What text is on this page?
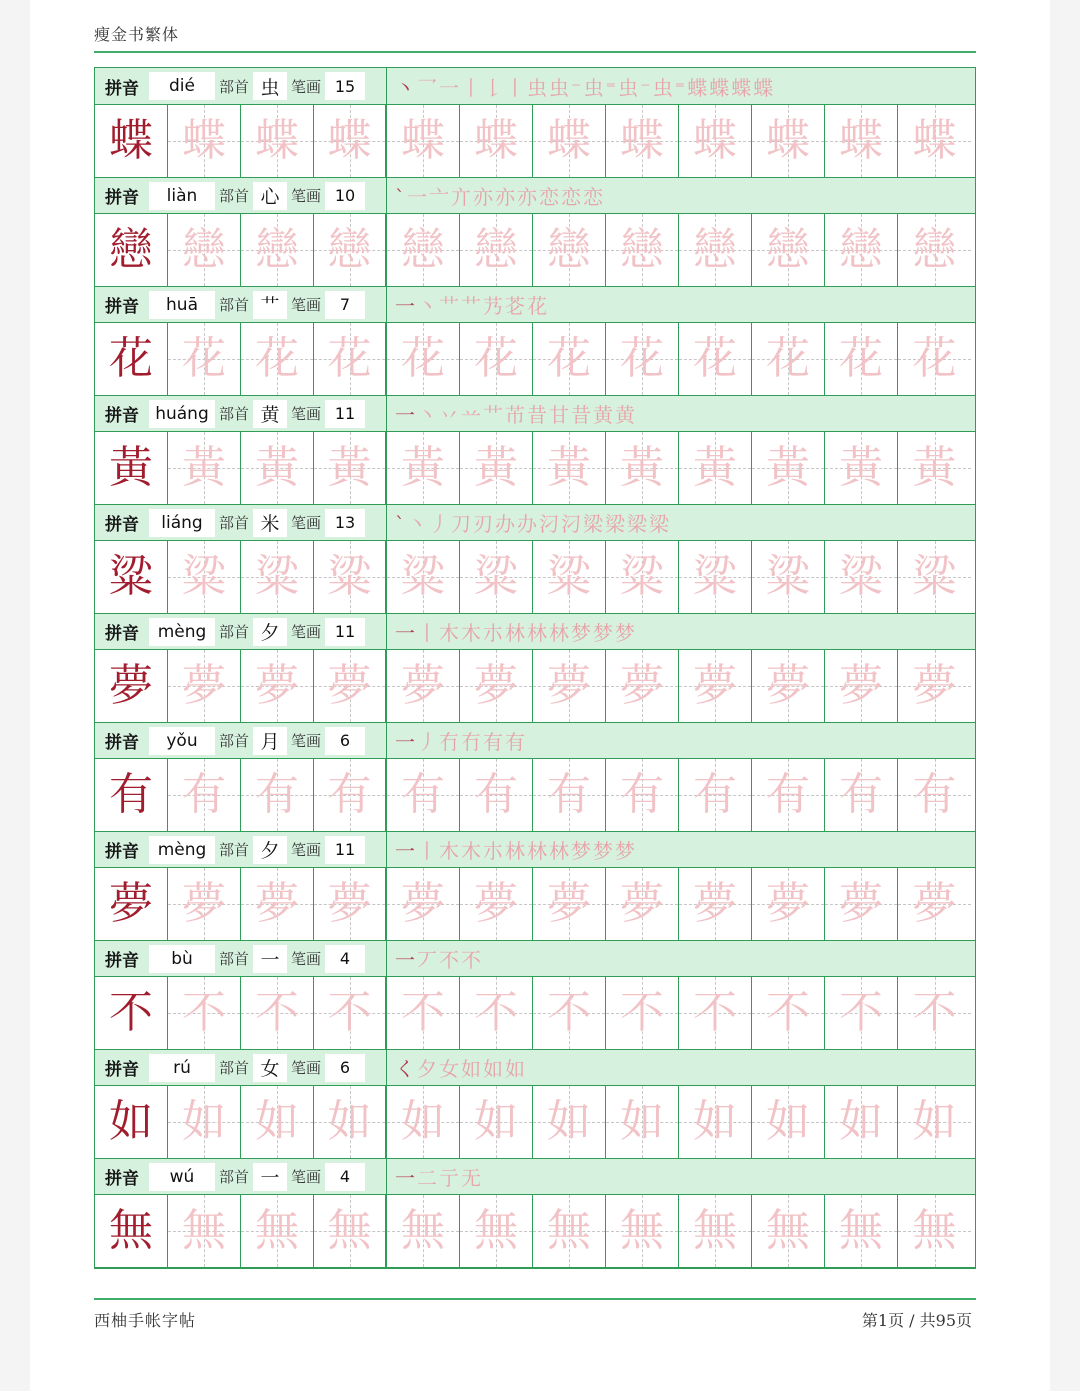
瘦金书繁体
拼音	dié	部首 虫 笔画 15	丶乛一丨𠄌丨虫虫⁻虫⁼虫⁻虫⁼蝶蝶蝶蝶
蝶 蝶 蝶 蝶 蝶 蝶 蝶 蝶 蝶 蝶 蝶 蝶
拼音	liàn	部首 心 笔画 10	`一亠亣亦亦亦恋恋恋
戀 戀 戀 戀 戀 戀 戀 戀 戀 戀 戀 戀
拼音	huā	部首 艹 笔画	7	一丶艹艹艿芲花
花 花 花 花 花 花 花 花 花 花 花 花
拼音 huáng 部首 黄 笔画 11	一丶丷䒑艹芇昔甘昔黄黄
黃 黃 黃 黃 黃 黃 黃 黃 黃 黃 黃 黃
拼音	liáng	部首 米 笔画 13	`丶丿刀刃办办汈汈梁梁梁梁
粱 粱 粱 粱 粱 粱 粱 粱 粱 粱 粱 粱
拼音	mèng 部首 夕 笔画 11	一丨木木朩林林林梦梦梦
夢 夢 夢 夢 夢 夢 夢 夢 夢 夢 夢 夢
拼音	yǒu	部首 月 笔画	6	一丿冇冇有有
有 有 有 有 有 有 有 有 有 有 有 有
拼音	mèng 部首 夕 笔画 11	一丨木木朩林林林梦梦梦
夢 夢 夢 夢 夢 夢 夢 夢 夢 夢 夢 夢
拼音	bù	部首 一 笔画	4	一丆不不
不 不 不 不 不 不 不 不 不 不 不 不
拼音	rú	部首 女 笔画	6	く夕女如如如
如 如 如 如 如 如 如 如 如 如 如 如
拼音	wú	部首 一 笔画	4	一二亍无
無 無 無 無 無 無 無 無 無 無 無 無
西柚手帐字帖	第1页 / 共95页
